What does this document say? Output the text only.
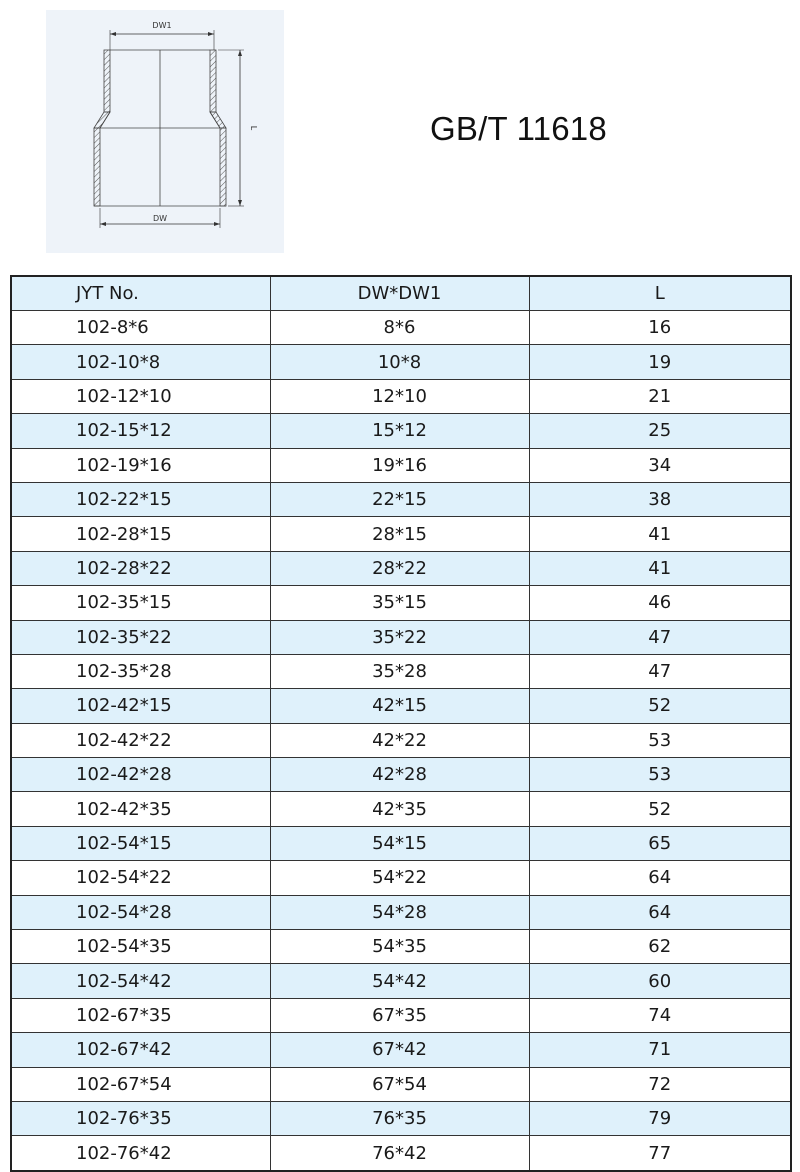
DW1
DW
L	GB/T 11618
JYT No.	DW*DW1	L
102-8*6	8*6	16
102-10*8	10*8	19
102-12*10	12*10	21
102-15*12	15*12	25
102-19*16	19*16	34
102-22*15	22*15	38
102-28*15	28*15	41
102-28*22	28*22	41
102-35*15	35*15	46
102-35*22	35*22	47
102-35*28	35*28	47
102-42*15	42*15	52
102-42*22	42*22	53
102-42*28	42*28	53
102-42*35	42*35	52
102-54*15	54*15	65
102-54*22	54*22	64
102-54*28	54*28	64
102-54*35	54*35	62
102-54*42	54*42	60
102-67*35	67*35	74
102-67*42	67*42	71
102-67*54	67*54	72
102-76*35	76*35	79
102-76*42	76*42	77
